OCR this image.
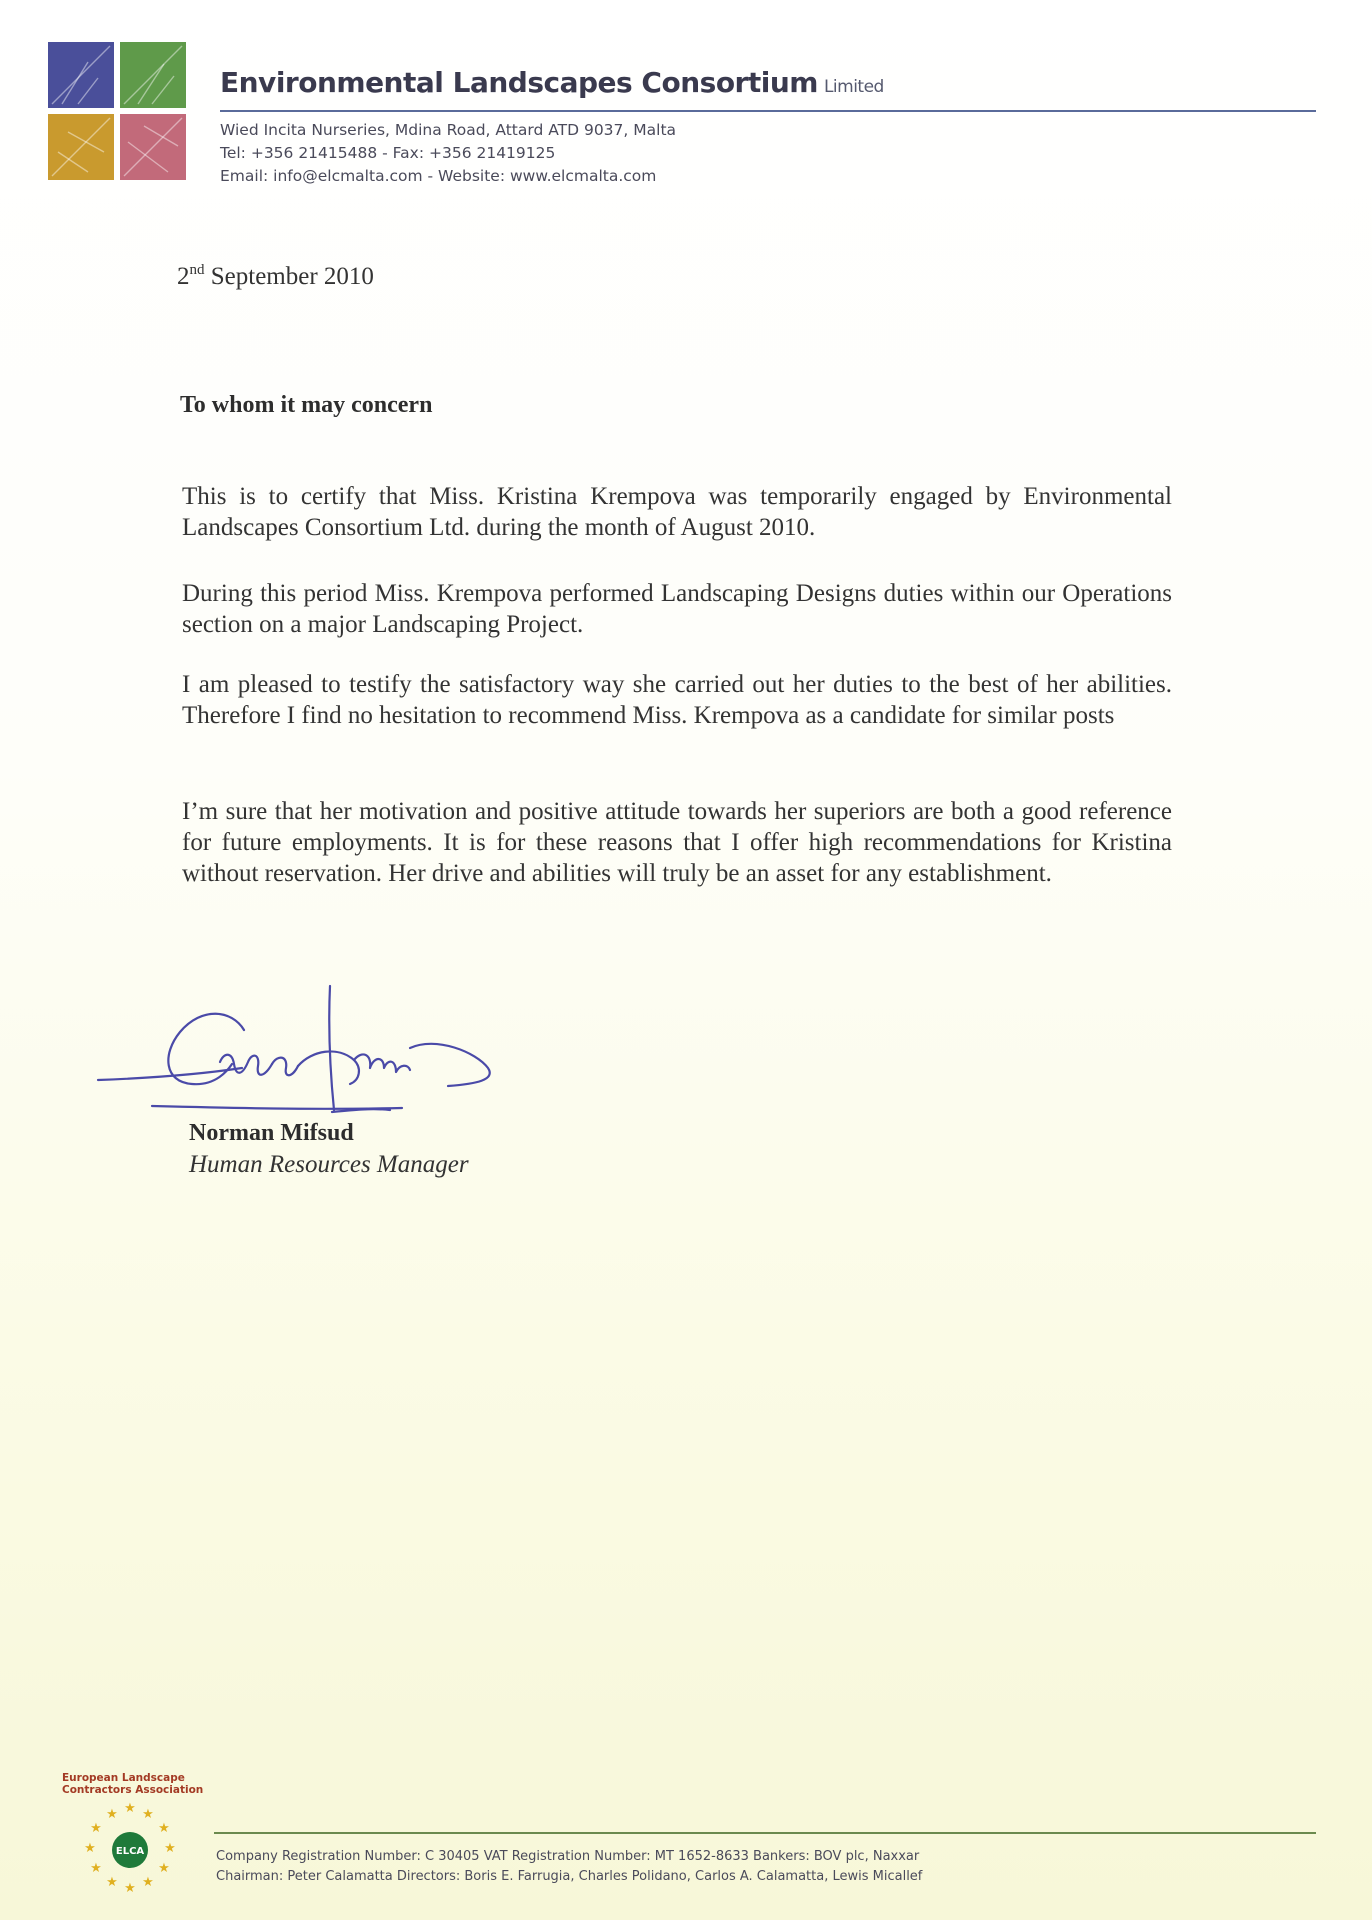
Environmental Landscapes Consortium Limited
Wied Incita Nurseries, Mdina Road, Attard ATD 9037, Malta
Tel: +356 21415488 - Fax: +356 21419125
Email: info@elcmalta.com - Website: www.elcmalta.com
2nd September 2010
To whom it may concern
This is to certify that Miss. Kristina Krempova was temporarily engaged by Environmental Landscapes Consortium Ltd. during the month of August 2010.
During this period Miss. Krempova performed Landscaping Designs duties within our Operations section on a major Landscaping Project.
I am pleased to testify the satisfactory way she carried out her duties to the best of her abilities. Therefore I find no hesitation to recommend Miss. Krempova as a candidate for similar posts
I’m sure that her motivation and positive attitude towards her superiors are both a good reference for future employments. It is for these reasons that I offer high recommendations for Kristina without reservation. Her drive and abilities will truly be an asset for any establishment.
Norman Mifsud
Human Resources Manager
European Landscape
Contractors Association
★
★ ★
★	★
★	★
★	★
★ ★
★
ELCA	Company Registration Number: C 30405 VAT Registration Number: MT 1652-8633 Bankers: BOV plc, Naxxar
Chairman: Peter Calamatta Directors: Boris E. Farrugia, Charles Polidano, Carlos A. Calamatta, Lewis Micallef
